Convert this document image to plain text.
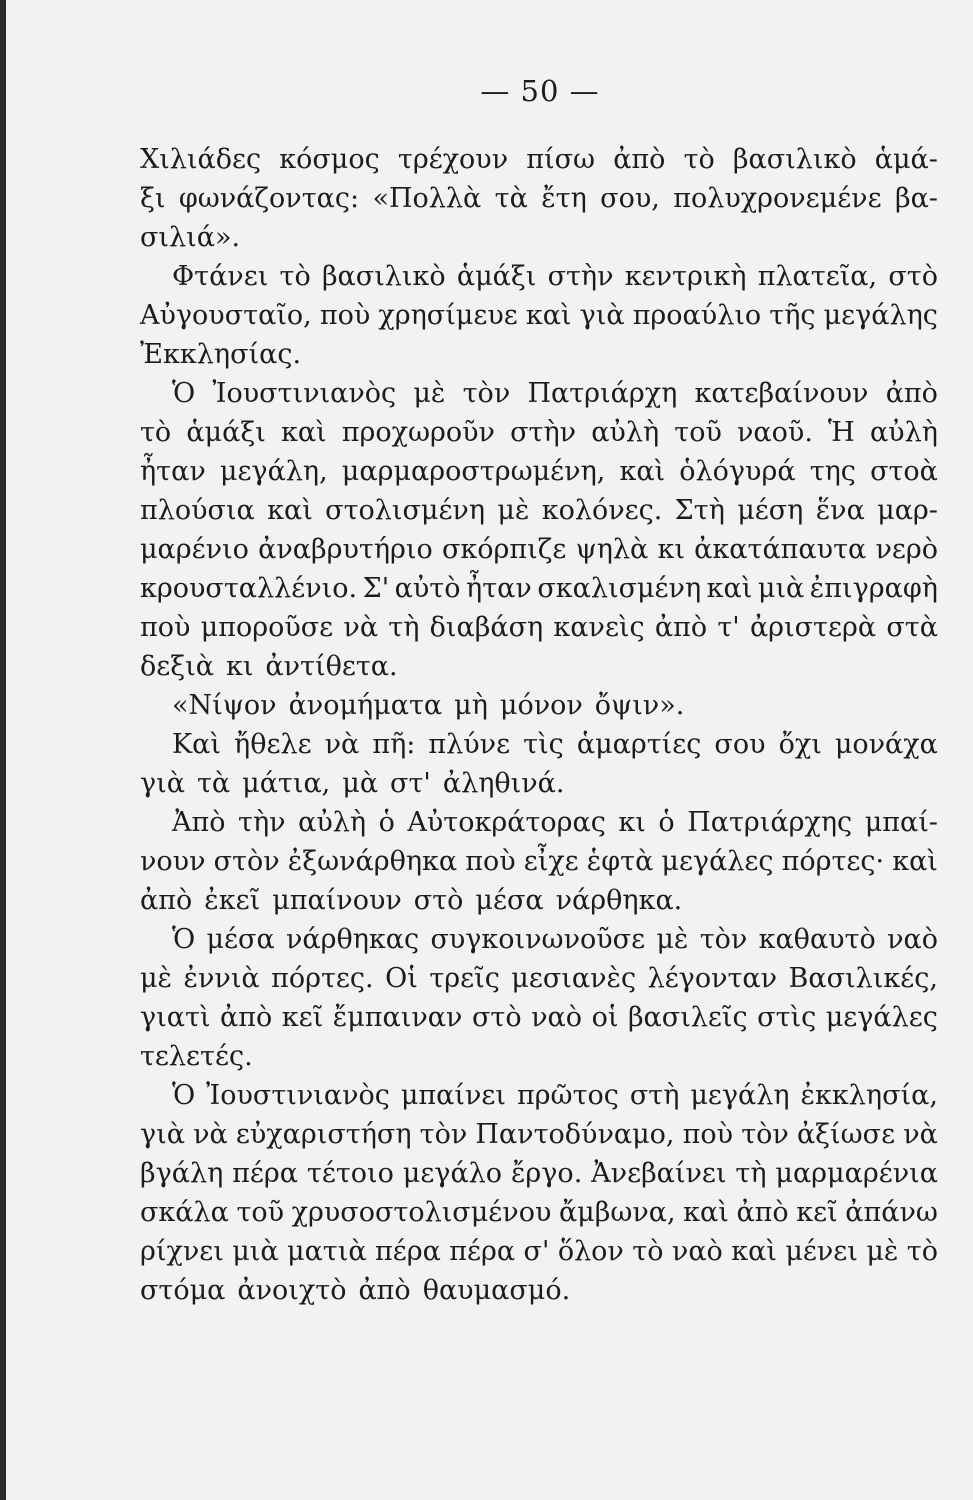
— 50 —
Χιλιάδες κόσμος τρέχουν πίσω ἀπὸ τὸ βασιλικὸ ἁμά-
ξι φωνάζοντας: «Πολλὰ τὰ ἔτη σου, πολυχρονεμένε βα-
σιλιά».
Φτάνει τὸ βασιλικὸ ἁμάξι στὴν κεντρικὴ πλατεῖα, στὸ
Αὐγουσταῖο, ποὺ χρησίμευε καὶ γιὰ προαύλιο τῆς μεγάλης
Ἐκκλησίας.
Ὁ Ἰουστινιανὸς μὲ τὸν Πατριάρχη κατεβαίνουν ἀπὸ
τὸ ἁμάξι καὶ προχωροῦν στὴν αὐλὴ τοῦ ναοῦ. Ἡ αὐλὴ
ἦταν μεγάλη, μαρμαροστρωμένη, καὶ ὁλόγυρά της στοὰ
πλούσια καὶ στολισμένη μὲ κολόνες. Στὴ μέση ἕνα μαρ-
μαρένιο ἀναβρυτήριο σκόρπιζε ψηλὰ κι ἀκατάπαυτα νερὸ
κρουσταλλένιο. Σ' αὐτὸ ἦταν σκαλισμένη καὶ μιὰ ἐπιγραφὴ
ποὺ μποροῦσε νὰ τὴ διαβάση κανεὶς ἀπὸ τ' ἀριστερὰ στὰ
δεξιὰ κι ἀντίθετα.
«Νίψον ἀνομήματα μὴ μόνον ὄψιν».
Καὶ ἤθελε νὰ πῆ: πλύνε τὶς ἁμαρτίες σου ὄχι μονάχα
γιὰ τὰ μάτια, μὰ στ' ἀληθινά.
Ἀπὸ τὴν αὐλὴ ὁ Αὐτοκράτορας κι ὁ Πατριάρχης μπαί-
νουν στὸν ἐξωνάρθηκα ποὺ εἶχε ἑφτὰ μεγάλες πόρτες· καὶ
ἀπὸ ἐκεῖ μπαίνουν στὸ μέσα νάρθηκα.
Ὁ μέσα νάρθηκας συγκοινωνοῦσε μὲ τὸν καθαυτὸ ναὸ
μὲ ἐννιὰ πόρτες. Οἱ τρεῖς μεσιανὲς λέγονταν Βασιλικές,
γιατὶ ἀπὸ κεῖ ἔμπαιναν στὸ ναὸ οἱ βασιλεῖς στὶς μεγάλες
τελετές.
Ὁ Ἰουστινιανὸς μπαίνει πρῶτος στὴ μεγάλη ἐκκλησία,
γιὰ νὰ εὐχαριστήση τὸν Παντοδύναμο, ποὺ τὸν ἀξίωσε νὰ
βγάλη πέρα τέτοιο μεγάλο ἔργο. Ἀνεβαίνει τὴ μαρμαρένια
σκάλα τοῦ χρυσοστολισμένου ἄμβωνα, καὶ ἀπὸ κεῖ ἀπάνω
ρίχνει μιὰ ματιὰ πέρα πέρα σ' ὅλον τὸ ναὸ καὶ μένει μὲ τὸ
στόμα ἀνοιχτὸ ἀπὸ θαυμασμό.
